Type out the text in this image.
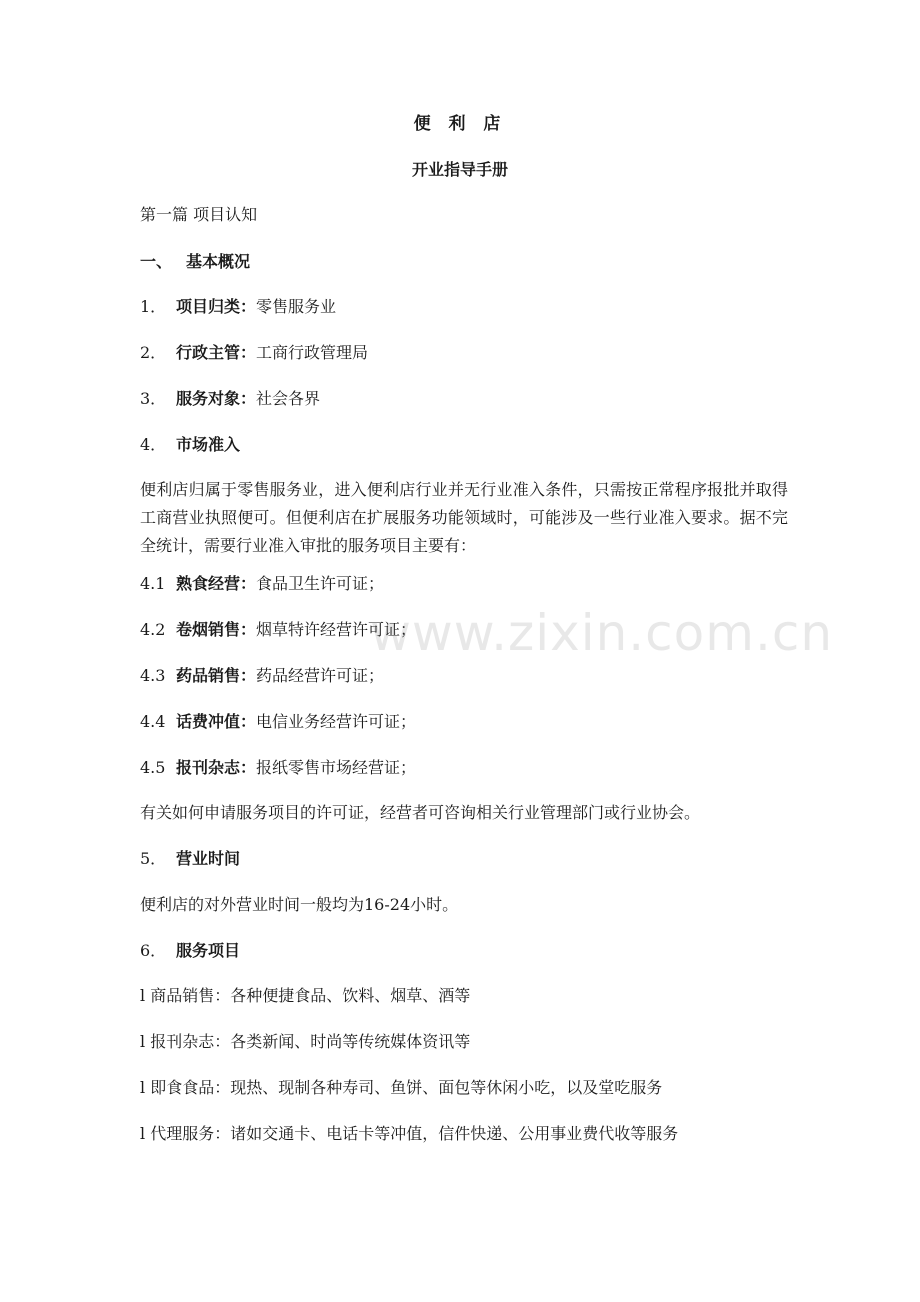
便 利 店
开业指导手册
第一篇 项目认知
一、 基本概况
1． 项目归类：零售服务业
2． 行政主管：工商行政管理局
3． 服务对象：社会各界
4． 市场准入
便利店归属于零售服务业，进入便利店行业并无行业准入条件，只需按正常程序报批并取得工商营业执照便可。但便利店在扩展服务功能领域时，可能涉及一些行业准入要求。据不完全统计，需要行业准入审批的服务项目主要有：
4.1 熟食经营：食品卫生许可证；
4.2 卷烟销售：烟草特许经营许可证；
4.3 药品销售：药品经营许可证；
4.4 话费冲值：电信业务经营许可证；
4.5 报刊杂志：报纸零售市场经营证；
有关如何申请服务项目的许可证，经营者可咨询相关行业管理部门或行业协会。
5． 营业时间
便利店的对外营业时间一般均为16-24小时。
6． 服务项目
l 商品销售：各种便捷食品、饮料、烟草、酒等
l 报刊杂志：各类新闻、时尚等传统媒体资讯等
l 即食食品：现热、现制各种寿司、鱼饼、面包等休闲小吃，以及堂吃服务
l 代理服务：诸如交通卡、电话卡等冲值，信件快递、公用事业费代收等服务
www.zixin.com.cn
